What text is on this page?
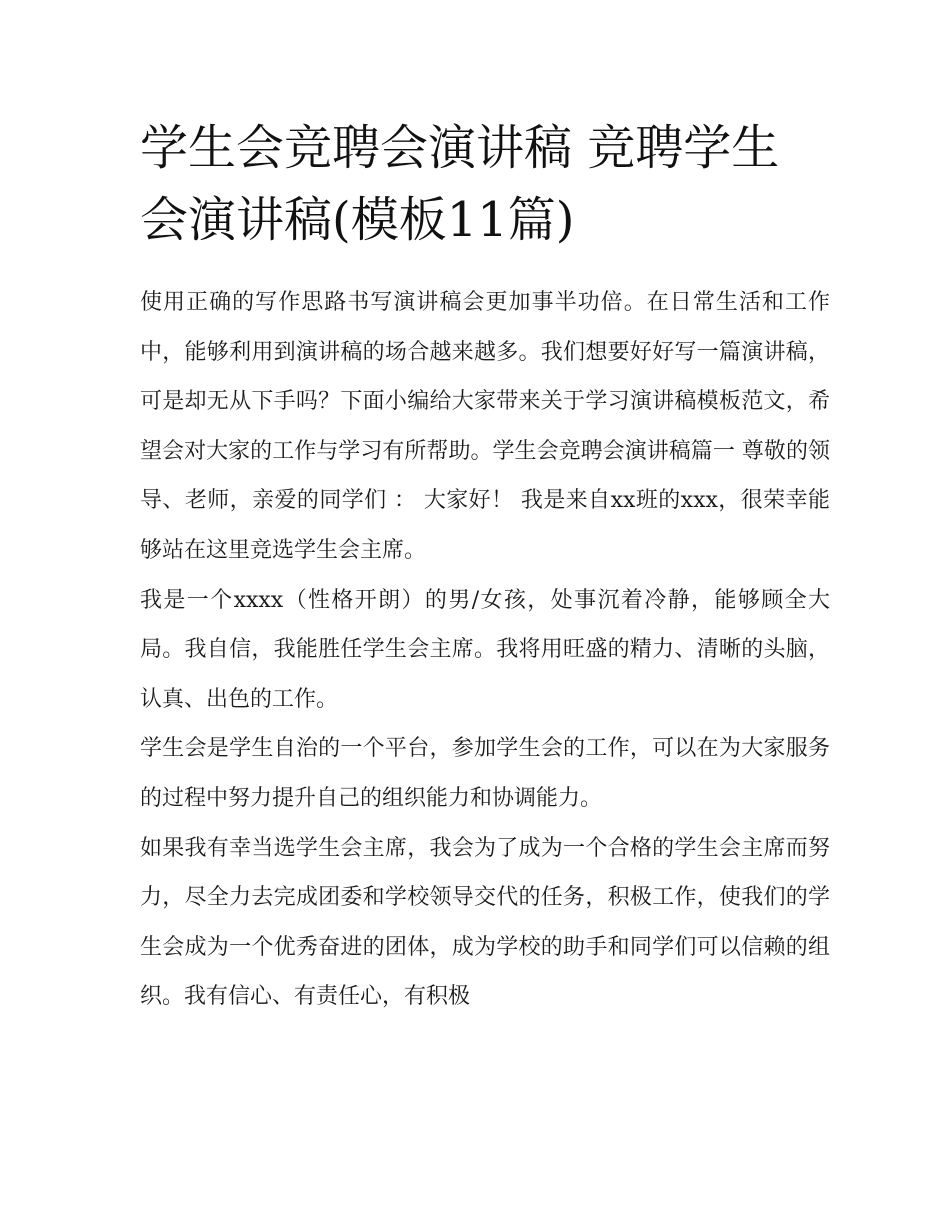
学生会竞聘会演讲稿 竞聘学生会演讲稿(模板11篇)

使用正确的写作思路书写演讲稿会更加事半功倍。在日常生活和工作中，能够利用到演讲稿的场合越来越多。我们想要好好写一篇演讲稿，可是却无从下手吗？下面小编给大家带来关于学习演讲稿模板范文，希望会对大家的工作与学习有所帮助。学生会竞聘会演讲稿篇一 尊敬的领导、老师，亲爱的同学们 ： 大家好！ 我是来自xx班的xxx，很荣幸能够站在这里竞选学生会主席。

我是一个xxxx（性格开朗）的男/女孩，处事沉着冷静，能够顾全大局。我自信，我能胜任学生会主席。我将用旺盛的精力、清晰的头脑，认真、出色的工作。

学生会是学生自治的一个平台，参加学生会的工作，可以在为大家服务的过程中努力提升自己的组织能力和协调能力。

如果我有幸当选学生会主席，我会为了成为一个合格的学生会主席而努力，尽全力去完成团委和学校领导交代的任务，积极工作，使我们的学生会成为一个优秀奋进的团体，成为学校的助手和同学们可以信赖的组织。我有信心、有责任心，有积极
